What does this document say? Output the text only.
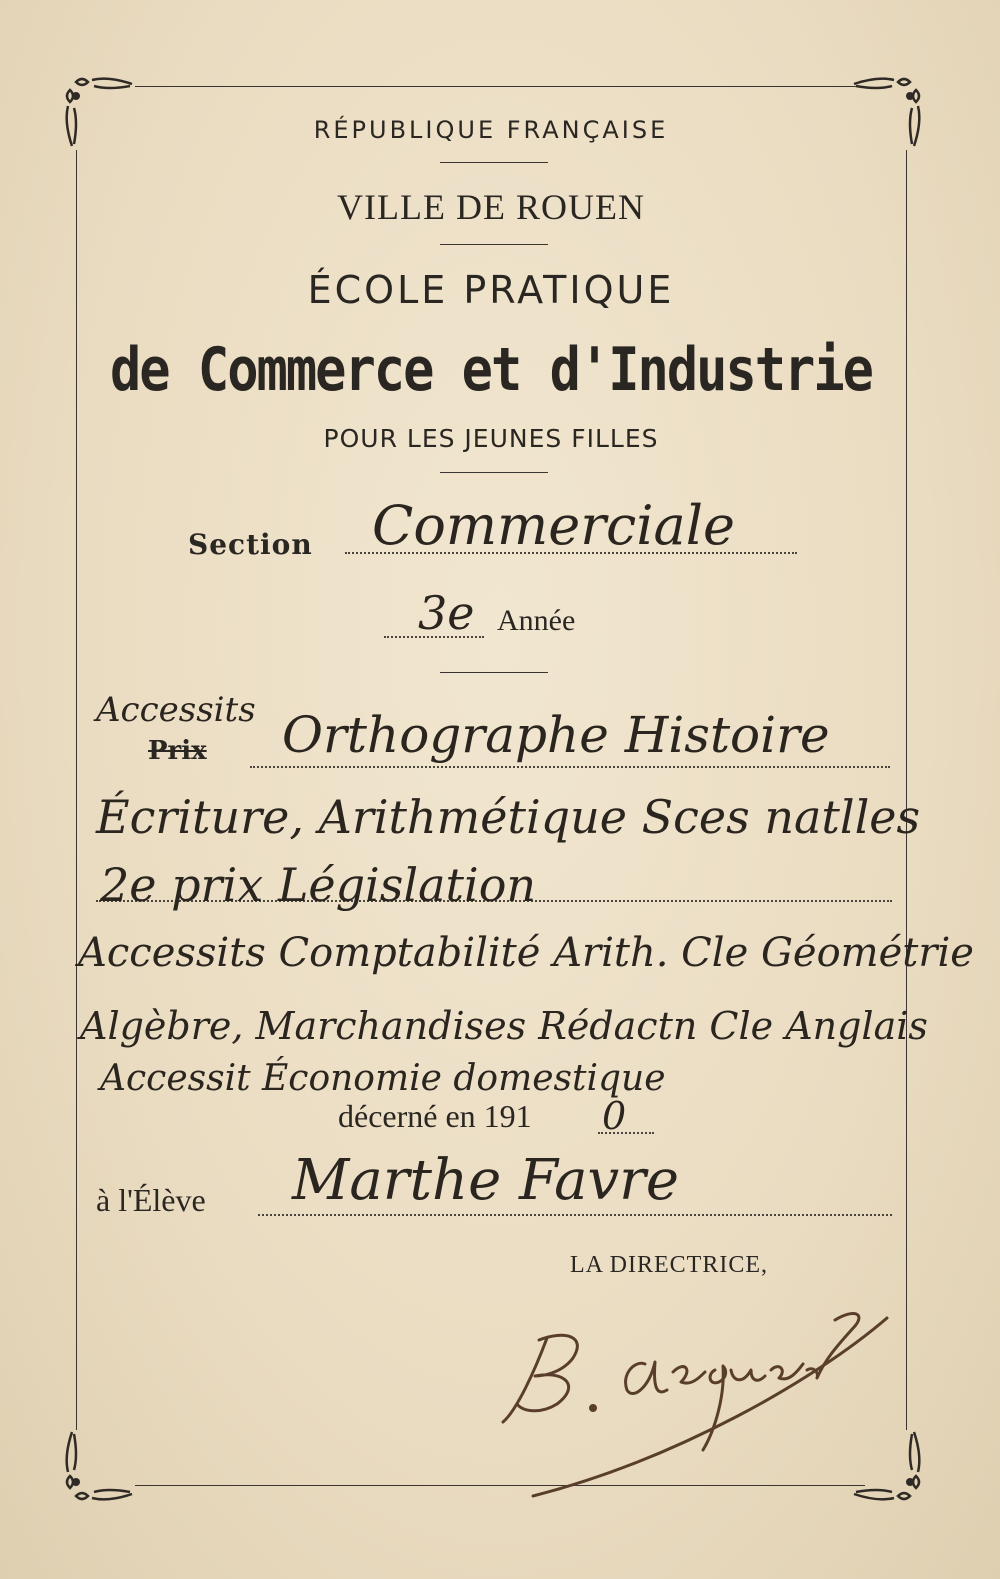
RÉPUBLIQUE FRANÇAISE
VILLE DE ROUEN
ÉCOLE PRATIQUE
de Commerce et d'Industrie
POUR LES JEUNES FILLES
Section Commerciale
3e Année
Prix
Accessits Orthographe Histoire
Écriture, Arithmétique Sces natlles
2e prix Législation
Accessits Comptabilité Arith. Cle Géométrie
Algèbre, Marchandises Rédactn Cle Anglais
Accessit Économie domestique
décerné en 191 0
à l'Élève Marthe Favre
LA DIRECTRICE,
